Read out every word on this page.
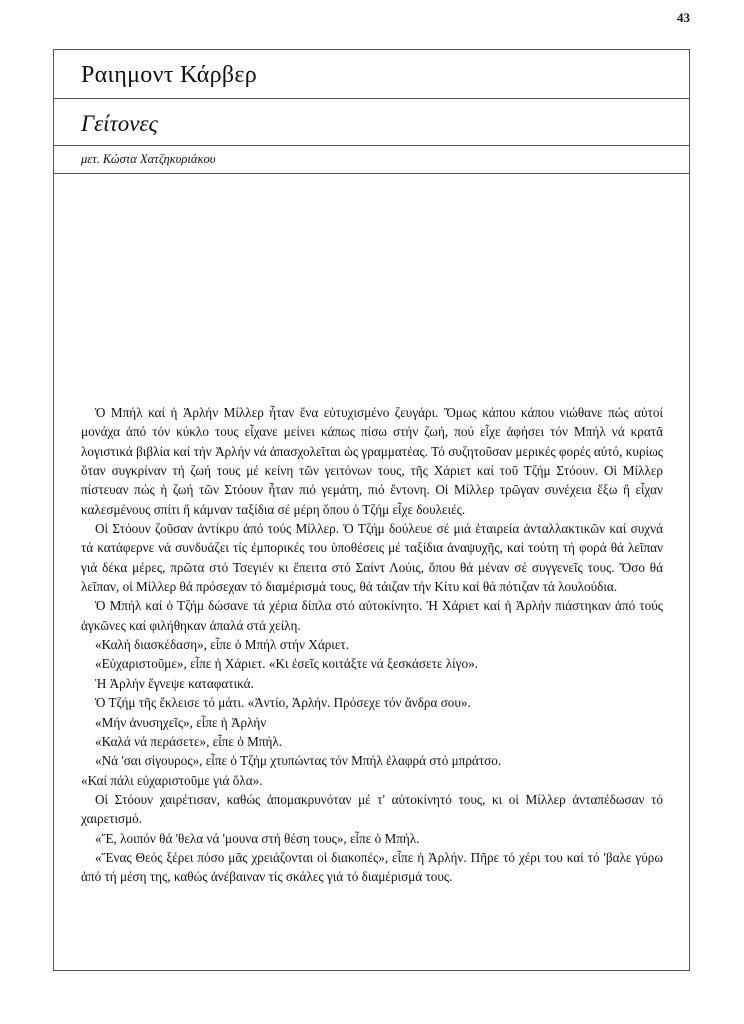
43
Ραιημοντ Κάρβερ
Γείτονες
μετ. Κώστα Χατζηκυριάκου

Ὁ Μπήλ καί ἡ Ἀρλήν Μίλλερ ἦταν ἕνα εὐτυχισμένο ζευγάρι. Ὅμως κάπου κάπου νιώθανε πώς αὐτοί μονάχα ἀπό τόν κύκλο τους εἶχανε μείνει κάπως πίσω στήν ζωή, πού εἶχε ἀφήσει τόν Μπήλ νά κρατᾶ λογιστικά βιβλία καί τήν Ἀρλήν νά ἀπασχολεῖται ὡς γραμματέας. Τό συζητοῦσαν μερικές φορές αὐτό, κυρίως ὅταν συγκρίναν τή ζωή τους μέ κείνη τῶν γειτόνων τους, τῆς Χάριετ καί τοῦ Τζήμ Στόουν. Οἱ Μίλλερ πίστευαν πώς ἡ ζωή τῶν Στόουν ἦταν πιό γεμάτη, πιό ἔντονη. Οἱ Μίλλερ τρῶγαν συνέχεια ἔξω ἤ εἶχαν καλεσμένους σπίτι ἤ κάμναν ταξίδια σέ μέρη ὅπου ὁ Τζήμ εἶχε δουλειές.

Οἱ Στόουν ζοῦσαν ἀντίκρυ ἀπό τούς Μίλλερ. Ὁ Τζήμ δούλευε σέ μιά ἑταιρεία ἀνταλλακτικῶν καί συχνά τά κατάφερνε νά συνδυάζει τίς ἐμπορικές του ὑποθέσεις μέ ταξίδια ἀναψυχῆς, καί τούτη τή φορά θά λεῖπαν γιά δέκα μέρες, πρῶτα στό Τσεγιέν κι ἔπειτα στό Σαίντ Λούις, ὅπου θά μέναν σέ συγγενεῖς τους. Ὅσο θά λεῖπαν, οἱ Μίλλερ θά πρόσεχαν τό διαμέρισμά τους, θά τάιζαν τήν Κίτυ καί θά πότιζαν τά λουλούδια.

Ὁ Μπήλ καί ὁ Τζήμ δώσανε τά χέρια δίπλα στό αὐτοκίνητο. Ἡ Χάριετ καί ἡ Ἀρλήν πιάστηκαν ἀπό τούς ἀγκῶνες καί φιλήθηκαν ἀπαλά στά χείλη.

«Καλή διασκέδαση», εἶπε ὁ Μπήλ στήν Χάριετ.

«Εὐχαριστοῦμε», εἶπε ἡ Χάριετ. «Κι ἐσεῖς κοιτάξτε νά ξεσκάσετε λίγο».

Ἡ Ἀρλήν ἔγνεψε καταφατικά.

Ὁ Τζήμ τῆς ἔκλεισε τό μάτι. «Ἀντίο, Ἀρλήν. Πρόσεχε τόν ἄνδρα σου».

«Μήν ἀνυσηχεῖς», εἶπε ἡ Ἀρλήν

«Καλά νά περάσετε», εἶπε ὁ Μπήλ.

«Νά 'σαι σίγουρος», εἶπε ὁ Τζήμ χτυπώντας τόν Μπήλ ἐλαφρά στό μπράτσο.

«Καί πάλι εὐχαριστοῦμε γιά ὅλα».

Οἱ Στόουν χαιρέτισαν, καθώς ἀπομακρυνόταν μέ τ' αὐτοκίνητό τους, κι οἱ Μίλλερ ἀνταπέδωσαν τό χαιρετισμό.

«Ἔ, λοιπόν θά 'θελα νά 'μουνα στή θέση τους», εἶπε ὁ Μπήλ.

«Ἕνας Θεός ξέρει πόσο μᾶς χρειάζονται οἱ διακοπές», εἶπε ἡ Ἀρλήν. Πῆρε τό χέρι του καί τό 'βαλε γύρω ἀπό τή μέση της, καθώς ἀνέβαιναν τίς σκάλες γιά τό διαμέρισμά τους.
